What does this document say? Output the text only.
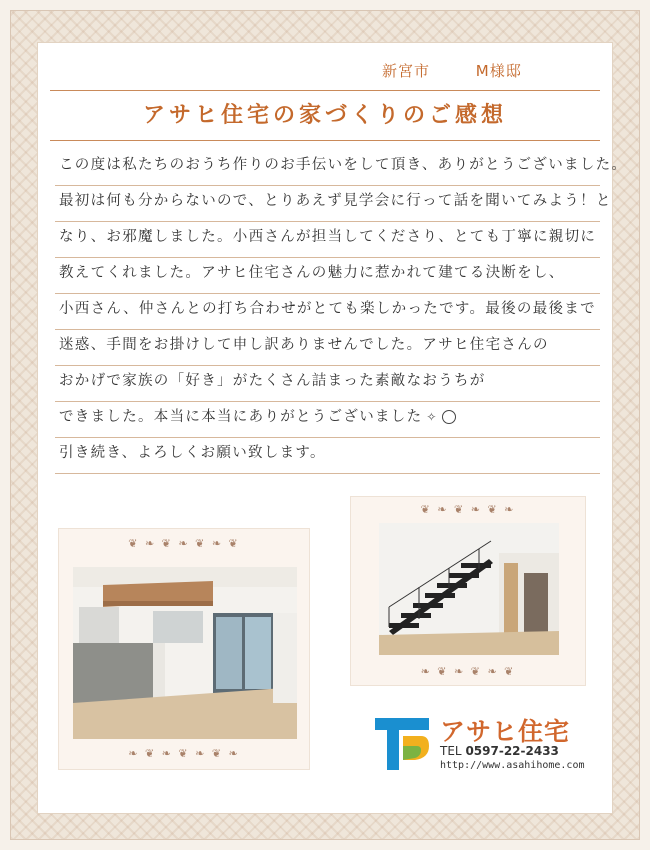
新宮市	M様邸
アサヒ住宅の家づくりのご感想
この度は私たちのおうち作りのお手伝いをして頂き、ありがとうございました。
最初は何も分からないので、とりあえず見学会に行って話を聞いてみよう！と
なり、お邪魔しました。小西さんが担当してくださり、とても丁寧に親切に
教えてくれました。アサヒ住宅さんの魅力に惹かれて建てる決断をし、
小西さん、仲さんとの打ち合わせがとても楽しかったです。最後の最後まで
迷惑、手間をお掛けして申し訳ありませんでした。アサヒ住宅さんの
おかげで家族の「好き」がたくさん詰まった素敵なおうちが
できました。本当に本当にありがとうございました ✧
引き続き、よろしくお願い致します。
❦ ❧ ❦ ❧ ❦ ❧ ❦
❧ ❦ ❧ ❦ ❧ ❦ ❧
❦ ❧ ❦ ❧ ❦ ❧
❧ ❦ ❧ ❦ ❧ ❦
アサヒ住宅
TEL 0597-22-2433
http://www.asahihome.com
